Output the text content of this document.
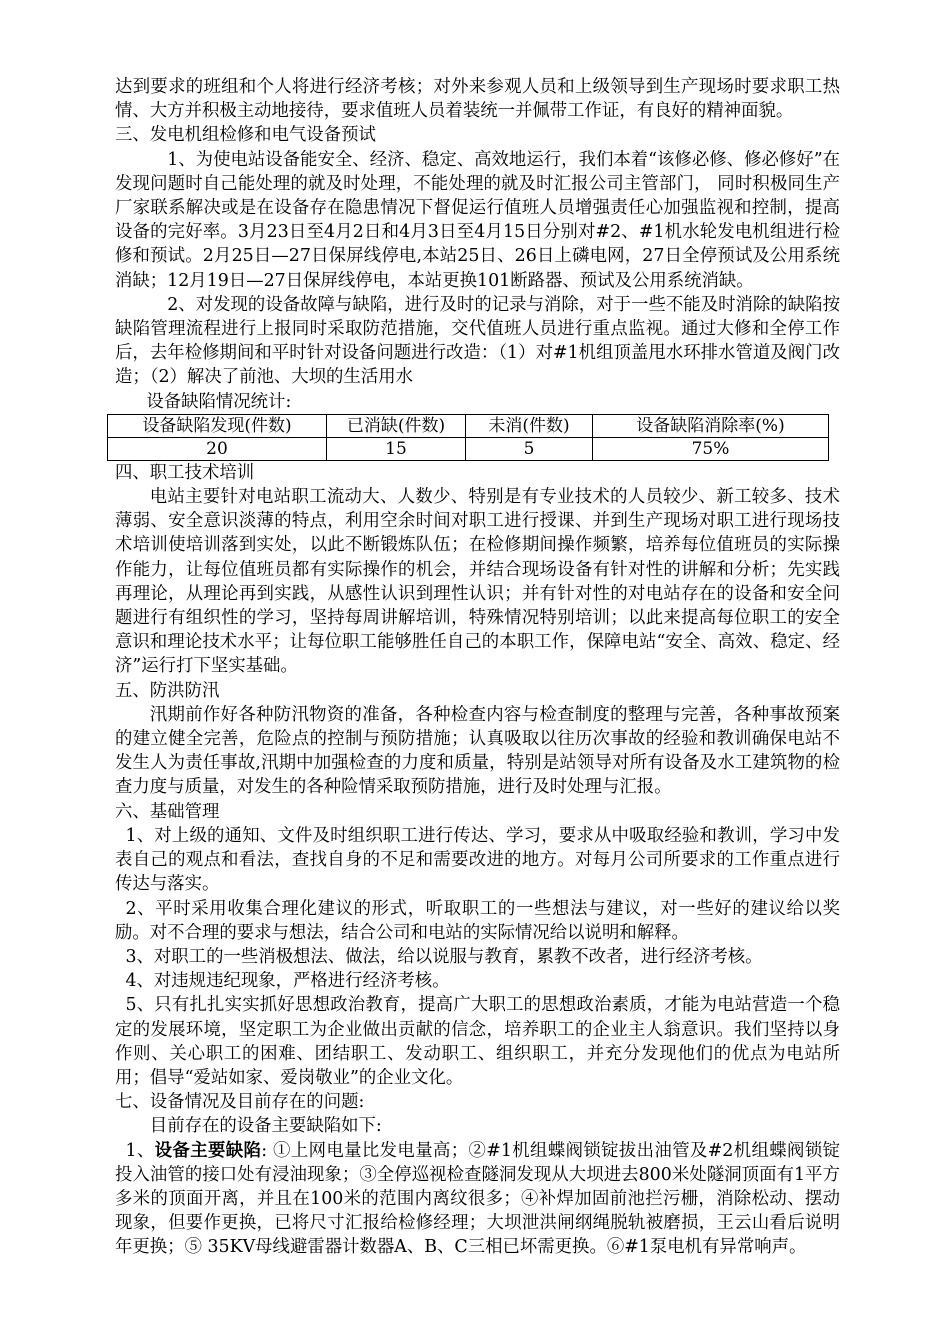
达到要求的班组和个人将进行经济考核；对外来参观人员和上级领导到生产现场时要求职工热情、大方并积极主动地接待，要求值班人员着装统一并佩带工作证，有良好的精神面貌。

三、发电机组检修和电气设备预试

1、为使电站设备能安全、经济、稳定、高效地运行，我们本着“该修必修、修必修好”在发现问题时自己能处理的就及时处理，不能处理的就及时汇报公司主管部门， 同时积极同生产厂家联系解决或是在设备存在隐患情况下督促运行值班人员增强责任心加强监视和控制，提高设备的完好率。3月23日至4月2日和4月3日至4月15日分别对#2、#1机水轮发电机组进行检修和预试。2月25日—27日保屏线停电,本站25日、26日上磷电网，27日全停预试及公用系统消缺；12月19日—27日保屏线停电，本站更换101断路器、预试及公用系统消缺。

2、对发现的设备故障与缺陷，进行及时的记录与消除，对于一些不能及时消除的缺陷按缺陷管理流程进行上报同时采取防范措施，交代值班人员进行重点监视。通过大修和全停工作后，去年检修期间和平时针对设备问题进行改造：（1）对#1机组顶盖甩水环排水管道及阀门改造；（2）解决了前池、大坝的生活用水

设备缺陷情况统计:

设备缺陷发现(件数)	已消缺(件数)	未消(件数)	设备缺陷消除率(%)
20	15	5	75%

四、职工技术培训

电站主要针对电站职工流动大、人数少、特别是有专业技术的人员较少、新工较多、技术薄弱、安全意识淡薄的特点，利用空余时间对职工进行授课、并到生产现场对职工进行现场技术培训使培训落到实处，以此不断锻炼队伍；在检修期间操作频繁，培养每位值班员的实际操作能力，让每位值班员都有实际操作的机会，并结合现场设备有针对性的讲解和分析；先实践再理论，从理论再到实践，从感性认识到理性认识；并有针对性的对电站存在的设备和安全问题进行有组织性的学习，坚持每周讲解培训，特殊情况特别培训；以此来提高每位职工的安全意识和理论技术水平；让每位职工能够胜任自己的本职工作，保障电站“安全、高效、稳定、经济”运行打下坚实基础。

五、防洪防汛

汛期前作好各种防汛物资的准备，各种检查内容与检查制度的整理与完善，各种事故预案的建立健全完善，危险点的控制与预防措施；认真吸取以往历次事故的经验和教训确保电站不发生人为责任事故,汛期中加强检查的力度和质量，特别是站领导对所有设备及水工建筑物的检查力度与质量，对发生的各种险情采取预防措施，进行及时处理与汇报。

六、基础管理

1、对上级的通知、文件及时组织职工进行传达、学习，要求从中吸取经验和教训，学习中发表自己的观点和看法，查找自身的不足和需要改进的地方。对每月公司所要求的工作重点进行传达与落实。

2、平时采用收集合理化建议的形式，听取职工的一些想法与建议，对一些好的建议给以奖励。对不合理的要求与想法，结合公司和电站的实际情况给以说明和解释。

3、对职工的一些消极想法、做法，给以说服与教育，累教不改者，进行经济考核。

4、对违规违纪现象，严格进行经济考核。

5、只有扎扎实实抓好思想政治教育，提高广大职工的思想政治素质，才能为电站营造一个稳定的发展环境，坚定职工为企业做出贡献的信念，培养职工的企业主人翁意识。我们坚持以身作则、关心职工的困难、团结职工、发动职工、组织职工，并充分发现他们的优点为电站所用；倡导“爱站如家、爱岗敬业”的企业文化。

七、设备情况及目前存在的问题:

目前存在的设备主要缺陷如下:

1、设备主要缺陷: ①上网电量比发电量高；②#1机组蝶阀锁锭拔出油管及#2机组蝶阀锁锭投入油管的接口处有浸油现象；③全停巡视检查隧洞发现从大坝进去800米处隧洞顶面有1平方多米的顶面开离，并且在100米的范围内离纹很多；④补焊加固前池拦污栅，消除松动、摆动现象，但要作更换，已将尺寸汇报给检修经理；大坝泄洪闸纲绳脱轨被磨损，王云山看后说明年更换；⑤ 35KV母线避雷器计数器A、B、C三相已坏需更换。⑥#1泵电机有异常响声。
